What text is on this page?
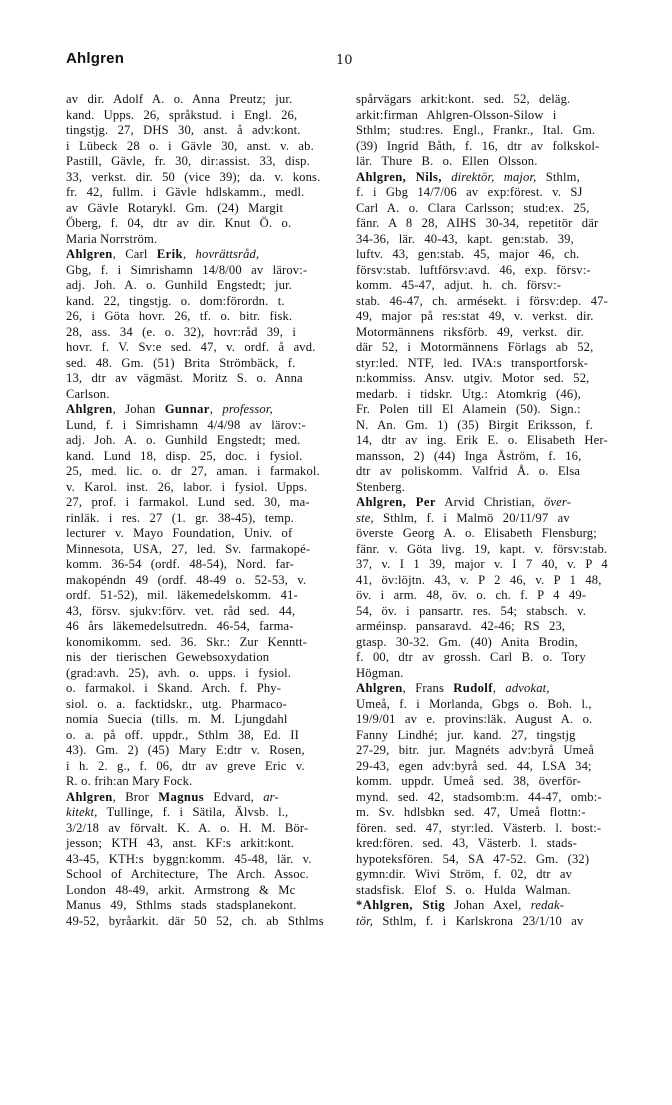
Ahlgren	10
av dir. Adolf A. o. Anna Preutz; jur.
kand. Upps. 26, språkstud. i Engl. 26,
tingstjg. 27, DHS 30, anst. å adv:kont.
i Lübeck 28 o. i Gävle 30, anst. v. ab.
Pastill, Gävle, fr. 30, dir:assist. 33, disp.
33, verkst. dir. 50 (vice 39); da. v. kons.
fr. 42, fullm. i Gävle hdlskamm., medl.
av Gävle Rotarykl. Gm. (24) Margit
Öberg, f. 04, dtr av dir. Knut Ö. o.
Maria Norrström.
Ahlgren, Carl Erik, hovrättsråd,
Gbg, f. i Simrishamn 14/8/00 av lärov:-
adj. Joh. A. o. Gunhild Engstedt; jur.
kand. 22, tingstjg. o. dom:förordn. t.
26, i Göta hovr. 26, tf. o. bitr. fisk.
28, ass. 34 (e. o. 32), hovr:råd 39, i
hovr. f. V. Sv:e sed. 47, v. ordf. å avd.
sed. 48. Gm. (51) Brita Strömbäck, f.
13, dtr av vägmäst. Moritz S. o. Anna
Carlson.
Ahlgren, Johan Gunnar, professor,
Lund, f. i Simrishamn 4/4/98 av lärov:-
adj. Joh. A. o. Gunhild Engstedt; med.
kand. Lund 18, disp. 25, doc. i fysiol.
25, med. lic. o. dr 27, aman. i farmakol.
v. Karol. inst. 26, labor. i fysiol. Upps.
27, prof. i farmakol. Lund sed. 30, ma-
rinläk. i res. 27 (1. gr. 38-45), temp.
lecturer v. Mayo Foundation, Univ. of
Minnesota, USA, 27, led. Sv. farmakopé-
komm. 36-54 (ordf. 48-54), Nord. far-
makopéndn 49 (ordf. 48-49 o. 52-53, v.
ordf. 51-52), mil. läkemedelskomm. 41-
43, försv. sjukv:förv. vet. råd sed. 44,
46 års läkemedelsutredn. 46-54, farma-
konomikomm. sed. 36. Skr.: Zur Kenntt-
nis der tierischen Gewebsoxydation
(grad:avh. 25), avh. o. upps. i fysiol.
o. farmakol. i Skand. Arch. f. Phy-
siol. o. a. facktidskr., utg. Pharmaco-
nomia Suecia (tills. m. M. Ljungdahl
o. a. på off. uppdr., Sthlm 38, Ed. II
43). Gm. 2) (45) Mary E:dtr v. Rosen,
i h. 2. g., f. 06, dtr av greve Eric v.
R. o. frih:an Mary Fock.
Ahlgren, Bror Magnus Edvard, ar-
kitekt, Tullinge, f. i Sätila, Älvsb. l.,
3/2/18 av förvalt. K. A. o. H. M. Bör-
jesson; KTH 43, anst. KF:s arkit:kont.
43-45, KTH:s byggn:komm. 45-48, lär. v.
School of Architecture, The Arch. Assoc.
London 48-49, arkit. Armstrong & Mc
Manus 49, Sthlms stads stadsplanekont.
49-52, byråarkit. där 50 52, ch. ab Sthlms
spårvägars arkit:kont. sed. 52, deläg.
arkit:firman Ahlgren-Olsson-Silow i
Sthlm; stud:res. Engl., Frankr., Ital. Gm.
(39) Ingrid Båth, f. 16, dtr av folkskol-
lär. Thure B. o. Ellen Olsson.
Ahlgren, Nils, direktör, major, Sthlm,
f. i Gbg 14/7/06 av exp:förest. v. SJ
Carl A. o. Clara Carlsson; stud:ex. 25,
fänr. A 8 28, AIHS 30-34, repetitör där
34-36, lär. 40-43, kapt. gen:stab. 39,
luftv. 43, gen:stab. 45, major 46, ch.
försv:stab. luftförsv:avd. 46, exp. försv:-
komm. 45-47, adjut. h. ch. försv:-
stab. 46-47, ch. armésekt. i försv:dep. 47-
49, major på res:stat 49, v. verkst. dir.
Motormännens riksförb. 49, verkst. dir.
där 52, i Motormännens Förlags ab 52,
styr:led. NTF, led. IVA:s transportforsk-
n:kommiss. Ansv. utgiv. Motor sed. 52,
medarb. i tidskr. Utg.: Atomkrig (46),
Fr. Polen till El Alamein (50). Sign.:
N. An. Gm. 1) (35) Birgit Eriksson, f.
14, dtr av ing. Erik E. o. Elisabeth Her-
mansson, 2) (44) Inga Åström, f. 16,
dtr av poliskomm. Valfrid Å. o. Elsa
Stenberg.
Ahlgren, Per Arvid Christian, över-
ste, Sthlm, f. i Malmö 20/11/97 av
överste Georg A. o. Elisabeth Flensburg;
fänr. v. Göta livg. 19, kapt. v. försv:stab.
37, v. I 1 39, major v. I 7 40, v. P 4
41, öv:löjtn. 43, v. P 2 46, v. P 1 48,
öv. i arm. 48, öv. o. ch. f. P 4 49-
54, öv. i pansartr. res. 54; stabsch. v.
arméinsp. pansaravd. 42-46; RS 23,
gtasp. 30-32. Gm. (40) Anita Brodin,
f. 00, dtr av grossh. Carl B. o. Tory
Högman.
Ahlgren, Frans Rudolf, advokat,
Umeå, f. i Morlanda, Gbgs o. Boh. l.,
19/9/01 av e. provins:läk. August A. o.
Fanny Lindhé; jur. kand. 27, tingstjg
27-29, bitr. jur. Magnéts adv:byrå Umeå
29-43, egen adv:byrå sed. 44, LSA 34;
komm. uppdr. Umeå sed. 38, överför-
mynd. sed. 42, stadsomb:m. 44-47, omb:-
m. Sv. hdlsbkn sed. 47, Umeå flottn:-
fören. sed. 47, styr:led. Västerb. l. bost:-
kred:fören. sed. 43, Västerb. l. stads-
hypoteksfören. 54, SA 47-52. Gm. (32)
gymn:dir. Wivi Ström, f. 02, dtr av
stadsfisk. Elof S. o. Hulda Walman.
*Ahlgren, Stig Johan Axel, redak-
tör, Sthlm, f. i Karlskrona 23/1/10 av
